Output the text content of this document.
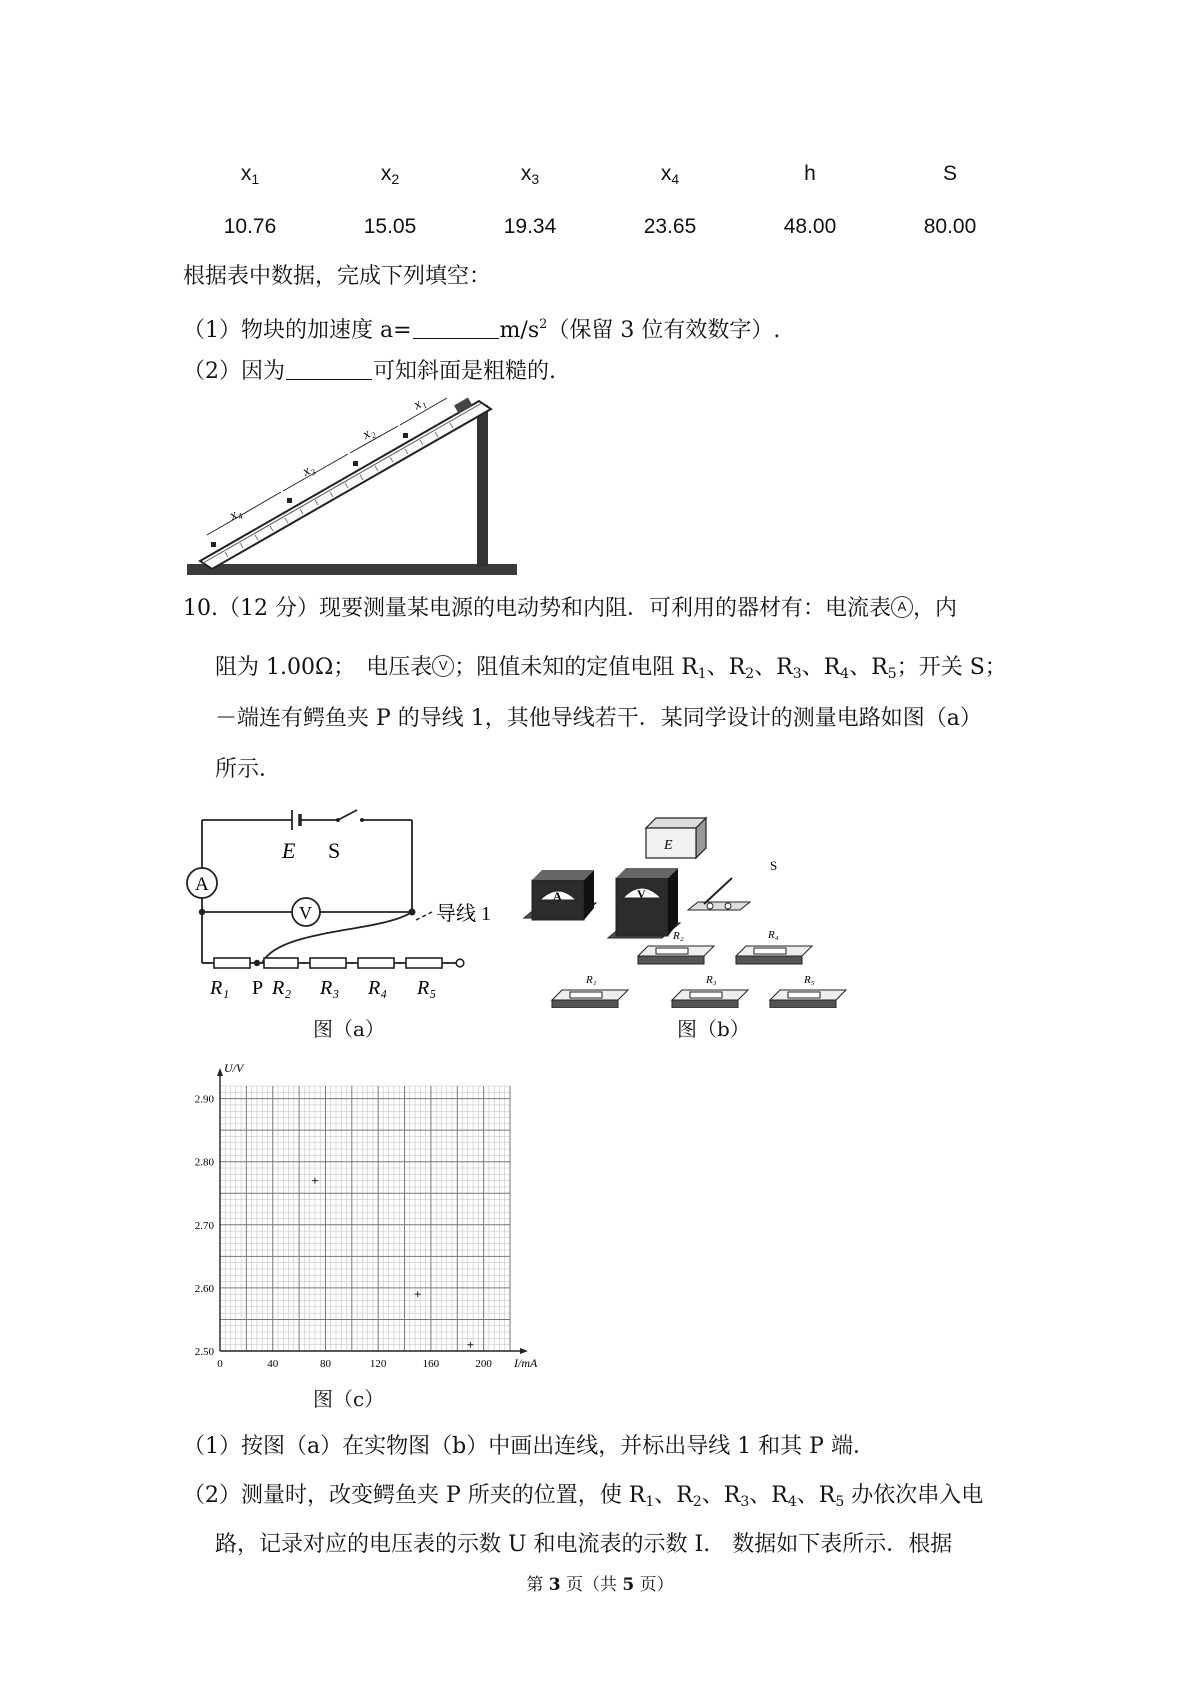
$x_1$	$x_2$	$x_3$	$x_4$	h	S
10.76	15.05	19.34	23.65	48.00	80.00
根据表中数据，完成下列填空：
（1）物块的加速度 a=	$m/s^2$（保留 3 位有效数字）.
（2）因为	可知斜面是粗糙的.
x₁
x₂
x₃
x₄
10.（12 分）现要测量某电源的电动势和内阻．可利用的器材有：电流表 A ，内
阻为 1.00Ω；　电压表 V ；阻值未知的定值电阻 $R_1$、$R_2$、$R_3$、$R_4$、$R_5$；开关 S；
－端连有鳄鱼夹 P 的导线 1，其他导线若干．某同学设计的测量电路如图（a）
所示．
E S
A
V	导线 1
R₁ P R₂ R₃ R₄ R₅
图（a）
E
A	V
S
R₂	R₄
R₁	R₃	R₅
图（b）
0	40	80	120	160	200
2.50
2.60
2.70
2.80
2.90
U/V
I/mA
图（c）
（1）按图（a）在实物图（b）中画出连线，并标出导线 1 和其 P 端．
（2）测量时，改变鳄鱼夹 P 所夹的位置，使 $R_1$、$R_2$、$R_3$、$R_4$、$R_5$ 办依次串入电
路，记录对应的电压表的示数 U 和电流表的示数 I.　数据如下表所示．根据
第 3 页（共 5 页）
